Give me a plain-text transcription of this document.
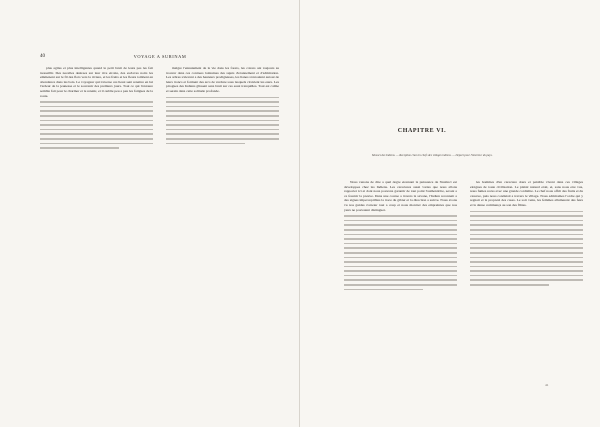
40	VOYAGE A SURINAM

plus agiles et plus intelligentes quand le petit bruit de leurs pas les fait tressaillir. Des nacelles desirees sur leur rive etroite, des esclaves noirs les emmenent sur le fil des flots vers la riviere, et les fruits et les fleurs tombent en abondance dans les bois. Le voyageur qui traverse ces lieux sent renaitre en lui l'ardeur de la jeunesse et le souvenir des premiers jours. Tout ce qui l'entoure semble fait pour le charmer et le retenir, et il oublie peu a peu les fatigues de la route.

malgre l'ennuiement de la vie dans les forets, les colons ont toujours su trouver dans ces contrees lointaines des sujets d'etonnement et d'admiration. Les arbres s'elevent a des hauteurs prodigieuses, les lianes s'enroulent autour de leurs troncs et forment des arcs de verdure sous lesquels circulent les eaux. Les pirogues des Indiens glissent sans bruit sur ces eaux tranquilles. Tout est calme et serein dans cette solitude profonde.

CHAPITRE VI.
Moeurs des Indiens. — Reception chez les chefs des villages indiens. — Depart pour l'interieur du pays.

Nous venons de dire a quel degre etonnant la puissance de l'instinct est developpee chez les Indiens. Les caracteres aussi varies que nous allons rapporter ici et dont nous pouvons garantir de tout point l'authenticite, seront a ce fournir la preuve. Dans une course a travers la savane, l'Indien reconnait a des signes imperceptibles la trace du gibier et la direction a suivre. Nous avons vu nos guides s'arreter tout a coup et nous montrer des empreintes que nos yeux ne pouvaient distinguer.

les hommes d'un caractere doux et paisible vivent dans ces villages eloignes de toute civilisation. Le plaisir naturel etait, et, sans nous etre vus, nous fumes recus avec une grande cordialite. Le chef nous offrit des fruits et du cassave, puis nous conduisit a travers le village. Nous admirames l'ordre qui y regnait et la propreté des cases. Le soir venu, les femmes allumerent des feux et la danse commença au son des flûtes.

41
